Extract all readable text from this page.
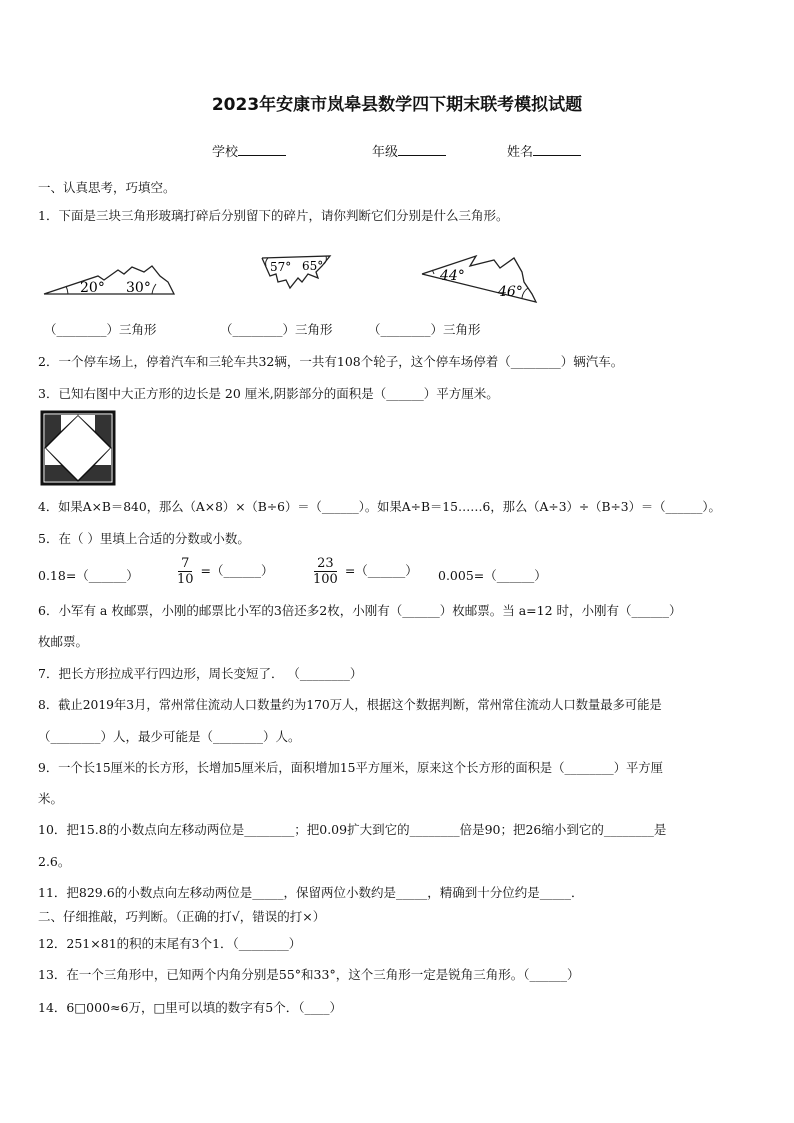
2023年安康市岚皋县数学四下期末联考模拟试题
学校	年级	姓名
一、认真思考，巧填空。
1．下面是三块三角形玻璃打碎后分别留下的碎片，请你判断它们分别是什么三角形。
20° 30°
57° 65°
44°
46°
（________）三角形	（________）三角形	（________）三角形
2．一个停车场上，停着汽车和三轮车共32辆，一共有108个轮子，这个停车场停着（________）辆汽车。
3．已知右图中大正方形的边长是 20 厘米,阴影部分的面积是（______）平方厘米。
4．如果A×B＝840，那么（A×8）×（B÷6）＝（______）。如果A÷B＝15……6，那么（A÷3）÷（B÷3）＝（______）。
5．在（ ）里填上合适的分数或小数。
0.18=（______）	$\frac{7}{10}$ =（______）	$\frac{23}{100}$ =（______） 0.005=（______）
6．小军有 a 枚邮票，小刚的邮票比小军的3倍还多2枚，小刚有（______）枚邮票。当 a=12 时，小刚有（______）
枚邮票。
7．把长方形拉成平行四边形，周长变短了． （________）
8．截止2019年3月，常州常住流动人口数量约为170万人，根据这个数据判断，常州常住流动人口数量最多可能是
（________）人，最少可能是（________）人。
9．一个长15厘米的长方形，长增加5厘米后，面积增加15平方厘米，原来这个长方形的面积是（________）平方厘
米。
10．把15.8的小数点向左移动两位是________；把0.09扩大到它的________倍是90；把26缩小到它的________是
2.6。
11．把829.6的小数点向左移动两位是_____，保留两位小数约是_____，精确到十分位约是_____．
二、仔细推敲，巧判断。（正确的打√，错误的打×）
12．251×81的积的末尾有3个1．（________）
13．在一个三角形中，已知两个内角分别是55°和33°，这个三角形一定是锐角三角形。（______）
14．6□000≈6万，□里可以填的数字有5个．（____）
